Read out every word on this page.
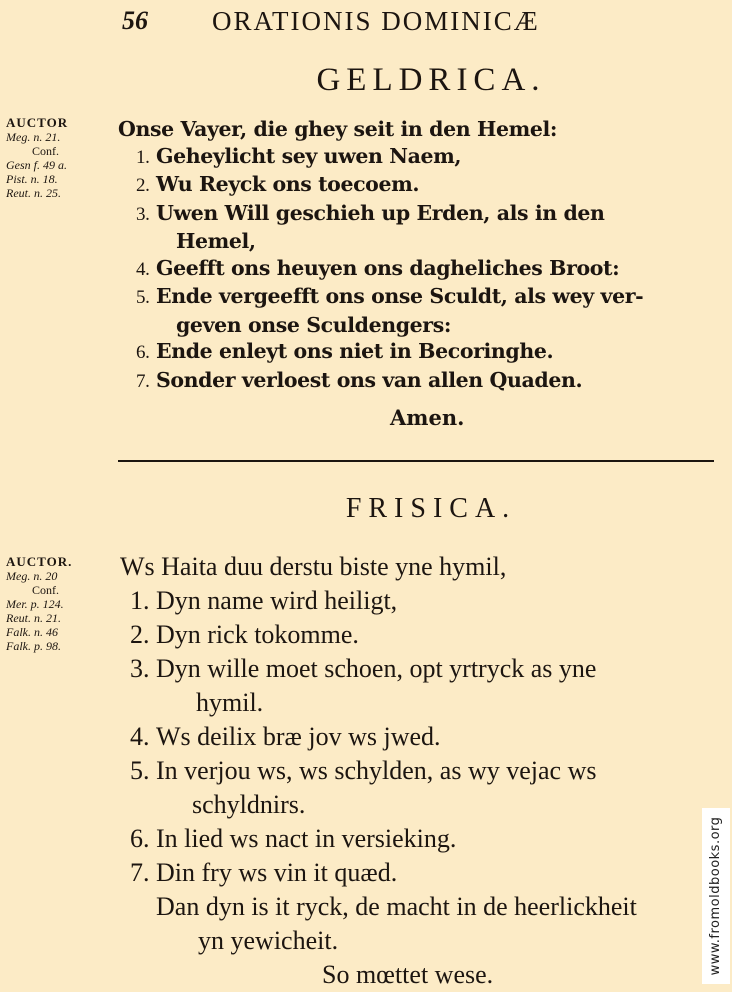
56 ORATIONIS DOMINICÆ
GELDRICA.
AUCTOR
Meg. n. 21.
Conf.
Gesn f. 49 a.
Pist. n. 18.
Reut. n. 25.
Onse Vayer, die ghey seit in den Hemel:
1. Geheylicht sey uwen Naem,
2. Wu Reyck ons toecoem.
3. Uwen Will geschieh up Erden, als in den
Hemel,
4. Geefft ons heuyen ons dagheliches Broot:
5. Ende vergeefft ons onse Sculdt, als wey ver-
geven onse Sculdengers:
6. Ende enleyt ons niet in Becoringhe.
7. Sonder verloest ons van allen Quaden.
Amen.
FRISICA.
AUCTOR.
Meg. n. 20
Conf.
Mer. p. 124.
Reut. n. 21.
Falk. n. 46
Falk. p. 98.
Ws Haita duu derstu biste yne hymil,
1. Dyn name wird heiligt,
2. Dyn rick tokomme.
3. Dyn wille moet schoen, opt yrtryck as yne
hymil.
4. Ws deilix bræ jov ws jwed.
5. In verjou ws, ws schylden, as wy vejac ws
schyldnirs.
6. In lied ws nact in versieking.
7. Din fry ws vin it quæd.
Dan dyn is it ryck, de macht in de heerlickheit
yn yewicheit.
So mœttet wese.	www.fromoldbooks.org
